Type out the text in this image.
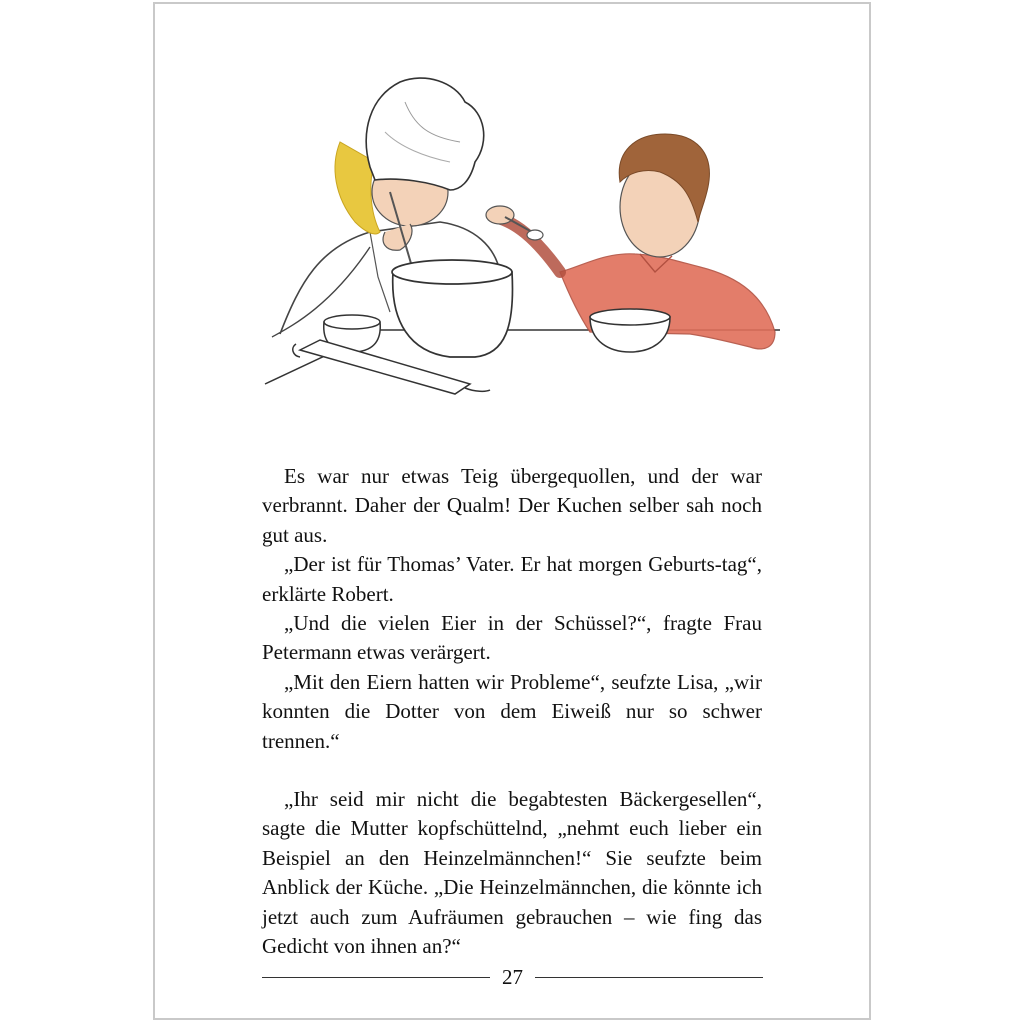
Es war nur etwas Teig übergequollen, und der war verbrannt. Daher der Qualm! Der Kuchen selber sah noch gut aus.

„Der ist für Thomas’ Vater. Er hat morgen Geburts-tag“, erklärte Robert.

„Und die vielen Eier in der Schüssel?“, fragte Frau Petermann etwas verärgert.

„Mit den Eiern hatten wir Probleme“, seufzte Lisa, „wir konnten die Dotter von dem Eiweiß nur so schwer trennen.“

„Ihr seid mir nicht die begabtesten Bäckergesellen“, sagte die Mutter kopfschüttelnd, „nehmt euch lieber ein Beispiel an den Heinzelmännchen!“ Sie seufzte beim Anblick der Küche. „Die Heinzelmännchen, die könnte ich jetzt auch zum Aufräumen gebrauchen – wie fing das Gedicht von ihnen an?“

27
